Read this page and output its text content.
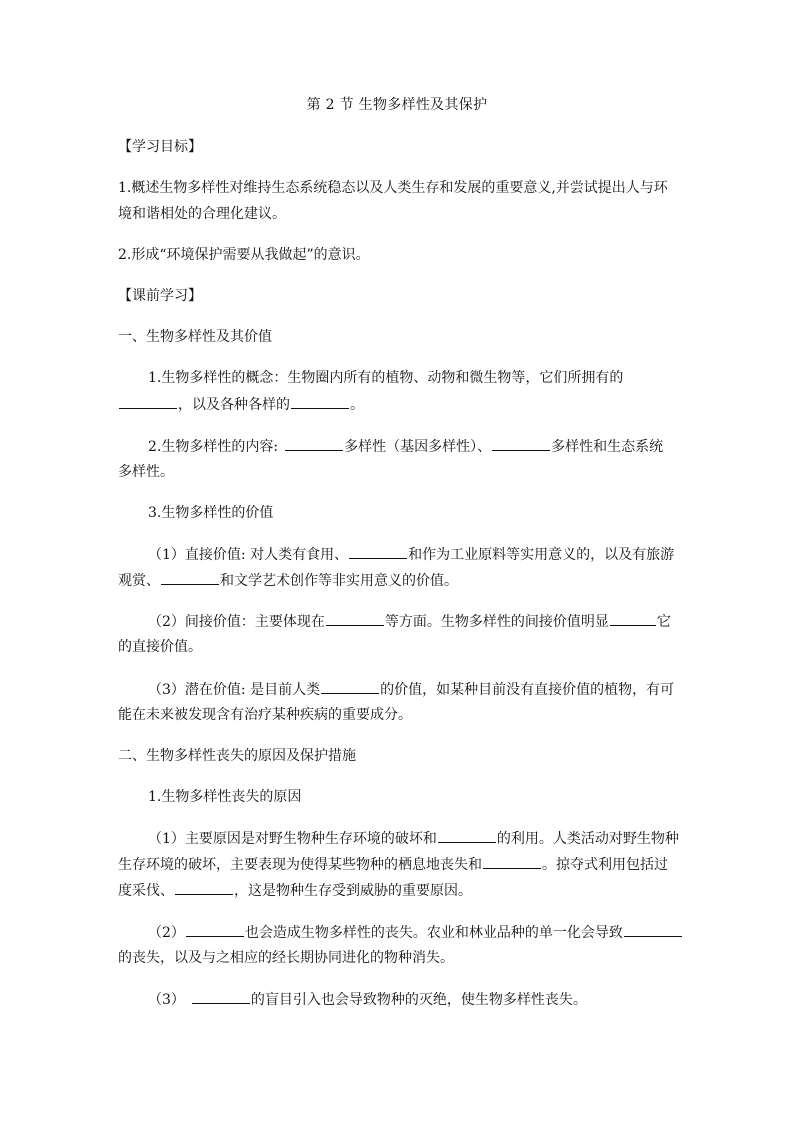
第 2 节 生物多样性及其保护
【学习目标】
1.概述生物多样性对维持生态系统稳态以及人类生存和发展的重要意义,并尝试提出人与环
境和谐相处的合理化建议。
2.形成“环境保护需要从我做起”的意识。
【课前学习】
一、生物多样性及其价值
1.生物多样性的概念：生物圈内所有的植物、动物和微生物等，它们所拥有的
，以及各种各样的	。
2.生物多样性的内容:	多样性（基因多样性）、	多样性和生态系统
多样性。
3.生物多样性的价值
（1）直接价值: 对人类有食用、	和作为工业原料等实用意义的，以及有旅游
观赏、	和文学艺术创作等非实用意义的价值。
（2）间接价值：主要体现在	等方面。生物多样性的间接价值明显	它
的直接价值。
（3）潜在价值: 是目前人类	的价值，如某种目前没有直接价值的植物，有可
能在未来被发现含有治疗某种疾病的重要成分。
二、生物多样性丧失的原因及保护措施
1.生物多样性丧失的原因
（1）主要原因是对野生物种生存环境的破坏和	的利用。人类活动对野生物种
生存环境的破坏，主要表现为使得某些物种的栖息地丧失和	。掠夺式利用包括过
度采伐、	，这是物种生存受到威胁的重要原因。
（2）	也会造成生物多样性的丧失。农业和林业品种的单一化会导致
的丧失，以及与之相应的经长期协同进化的物种消失。
（3）	的盲目引入也会导致物种的灭绝，使生物多样性丧失。
